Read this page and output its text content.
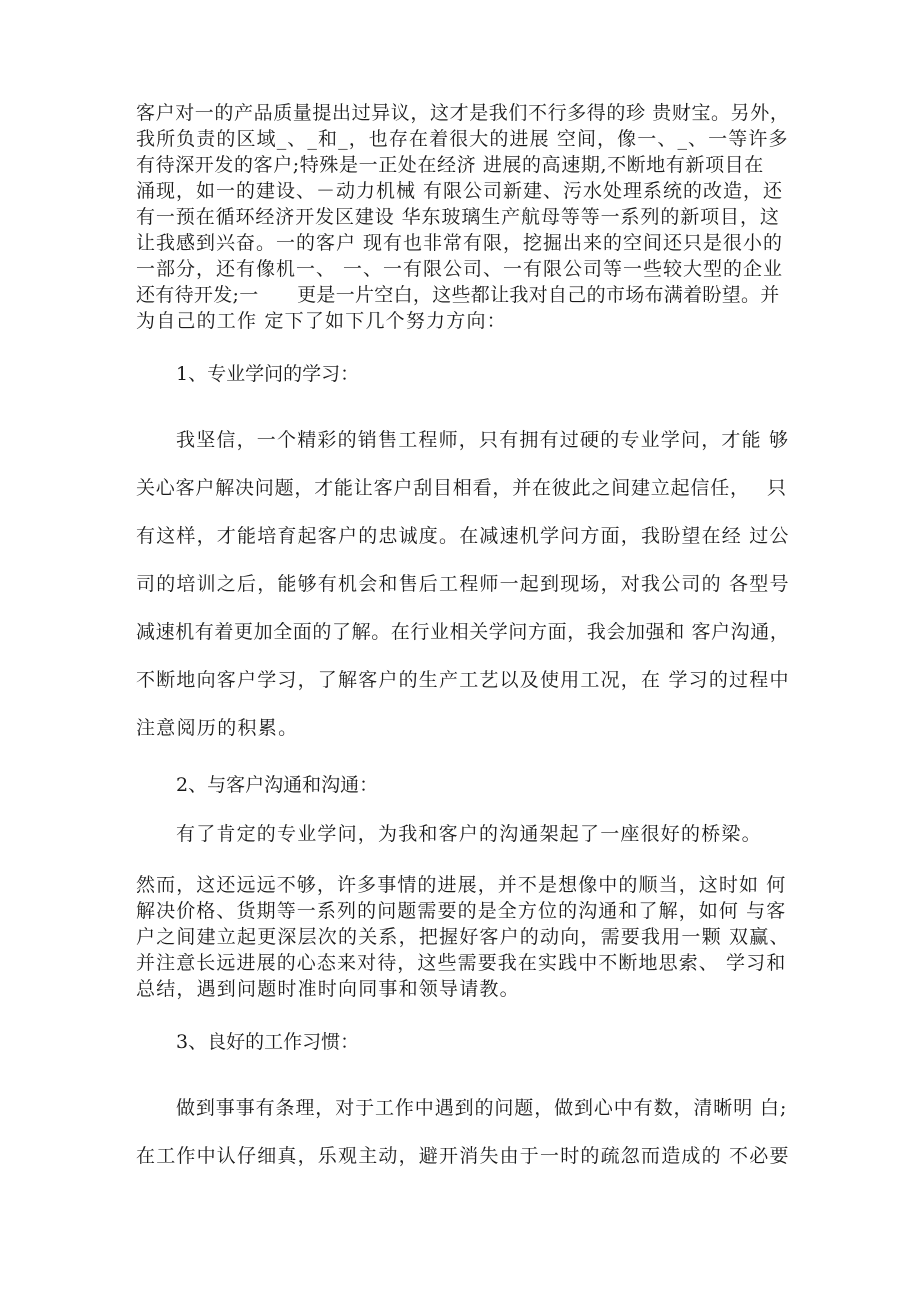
客户对一的产品质量提出过异议，这才是我们不行多得的珍 贵财宝。另外，
我所负责的区域_、_和_，也存在着很大的进展 空间，像一、_、一等许多
有待深开发的客户;特殊是一正处在经济 进展的高速期,不断地有新项目在
涌现，如一的建设、－动力机械 有限公司新建、污水处理系统的改造，还
有一预在循环经济开发区建设 华东玻璃生产航母等等一系列的新项目，这
让我感到兴奋。一的客户 现有也非常有限，挖掘出来的空间还只是很小的
一部分，还有像机一、 一、一有限公司、一有限公司等一些较大型的企业
还有待开发;一　　更是一片空白，这些都让我对自己的市场布满着盼望。并
为自己的工作 定下了如下几个努力方向：
1、专业学问的学习：
我坚信，一个精彩的销售工程师，只有拥有过硬的专业学问，才能 够
关心客户解决问题，才能让客户刮目相看，并在彼此之间建立起信任，　 只
有这样，才能培育起客户的忠诚度。在减速机学问方面，我盼望在经 过公
司的培训之后，能够有机会和售后工程师一起到现场，对我公司的 各型号
减速机有着更加全面的了解。在行业相关学问方面，我会加强和 客户沟通，
不断地向客户学习，了解客户的生产工艺以及使用工况，在 学习的过程中
注意阅历的积累。
2、与客户沟通和沟通：
有了肯定的专业学问，为我和客户的沟通架起了一座很好的桥梁。
然而，这还远远不够，许多事情的进展，并不是想像中的顺当，这时如 何
解决价格、货期等一系列的问题需要的是全方位的沟通和了解，如何 与客
户之间建立起更深层次的关系，把握好客户的动向，需要我用一颗 双赢、
并注意长远进展的心态来对待，这些需要我在实践中不断地思索、 学习和
总结，遇到问题时准时向同事和领导请教。
3、良好的工作习惯：
做到事事有条理，对于工作中遇到的问题，做到心中有数，清晰明 白;
在工作中认仔细真，乐观主动，避开消失由于一时的疏忽而造成的 不必要
